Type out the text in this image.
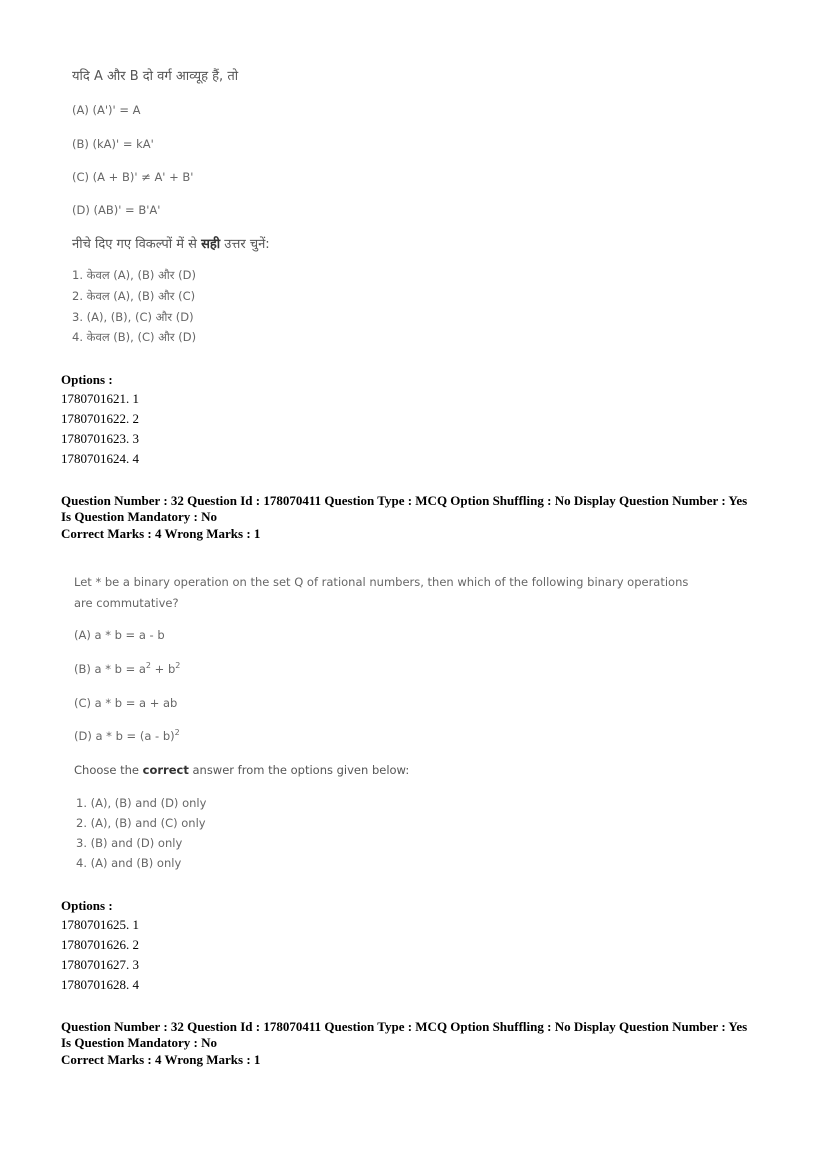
यदि A और B दो वर्ग आव्यूह हैं, तो
(A) (A')' = A
(B) (kA)' = kA'
(C) (A + B)' ≠ A' + B'
(D) (AB)' = B'A'
नीचे दिए गए विकल्पों में से सही उत्तर चुनें:
1. केवल (A), (B) और (D)
2. केवल (A), (B) और (C)
3. (A), (B), (C) और (D)
4. केवल (B), (C) और (D)
Options :
1780701621. 1
1780701622. 2
1780701623. 3
1780701624. 4
Question Number : 32 Question Id : 178070411 Question Type : MCQ Option Shuffling : No Display Question Number : Yes
Is Question Mandatory : No
Correct Marks : 4 Wrong Marks : 1
Let * be a binary operation on the set Q of rational numbers, then which of the following binary operations
are commutative?
(A) a * b = a - b
(B) $a * b = a^2 + b^2$
(C) a * b = a + ab
(D) a * b = (a - b)$^2$
Choose the correct answer from the options given below:
1. (A), (B) and (D) only
2. (A), (B) and (C) only
3. (B) and (D) only
4. (A) and (B) only
Options :
1780701625. 1
1780701626. 2
1780701627. 3
1780701628. 4
Question Number : 32 Question Id : 178070411 Question Type : MCQ Option Shuffling : No Display Question Number : Yes
Is Question Mandatory : No
Correct Marks : 4 Wrong Marks : 1
